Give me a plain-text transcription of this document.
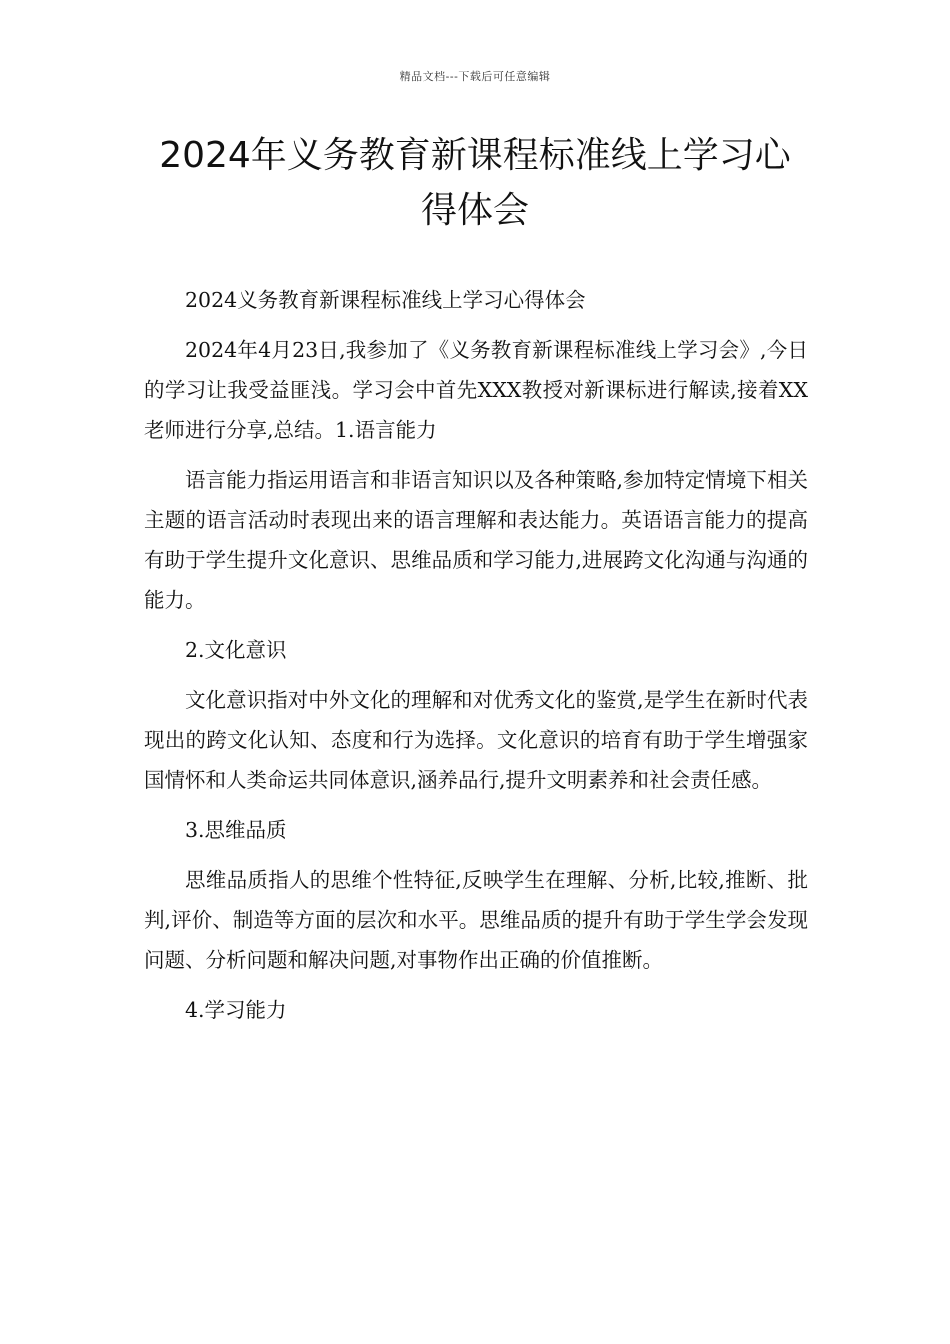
精品文档---下载后可任意编辑
2024年义务教育新课程标准线上学习心
得体会

2024义务教育新课程标准线上学习心得体会

2024年4月23日,我参加了《义务教育新课程标准线上学习会》,今日的学习让我受益匪浅。学习会中首先XXX教授对新课标进行解读,接着XX老师进行分享,总结。1.语言能力

语言能力指运用语言和非语言知识以及各种策略,参加特定情境下相关主题的语言活动时表现出来的语言理解和表达能力。英语语言能力的提高有助于学生提升文化意识、思维品质和学习能力,进展跨文化沟通与沟通的能力。

2.文化意识

文化意识指对中外文化的理解和对优秀文化的鉴赏,是学生在新时代表现出的跨文化认知、态度和行为选择。文化意识的培育有助于学生增强家国情怀和人类命运共同体意识,涵养品行,提升文明素养和社会责任感。

3.思维品质

思维品质指人的思维个性特征,反映学生在理解、分析,比较,推断、批判,评价、制造等方面的层次和水平。思维品质的提升有助于学生学会发现问题、分析问题和解决问题,对事物作出正确的价值推断。

4.学习能力
